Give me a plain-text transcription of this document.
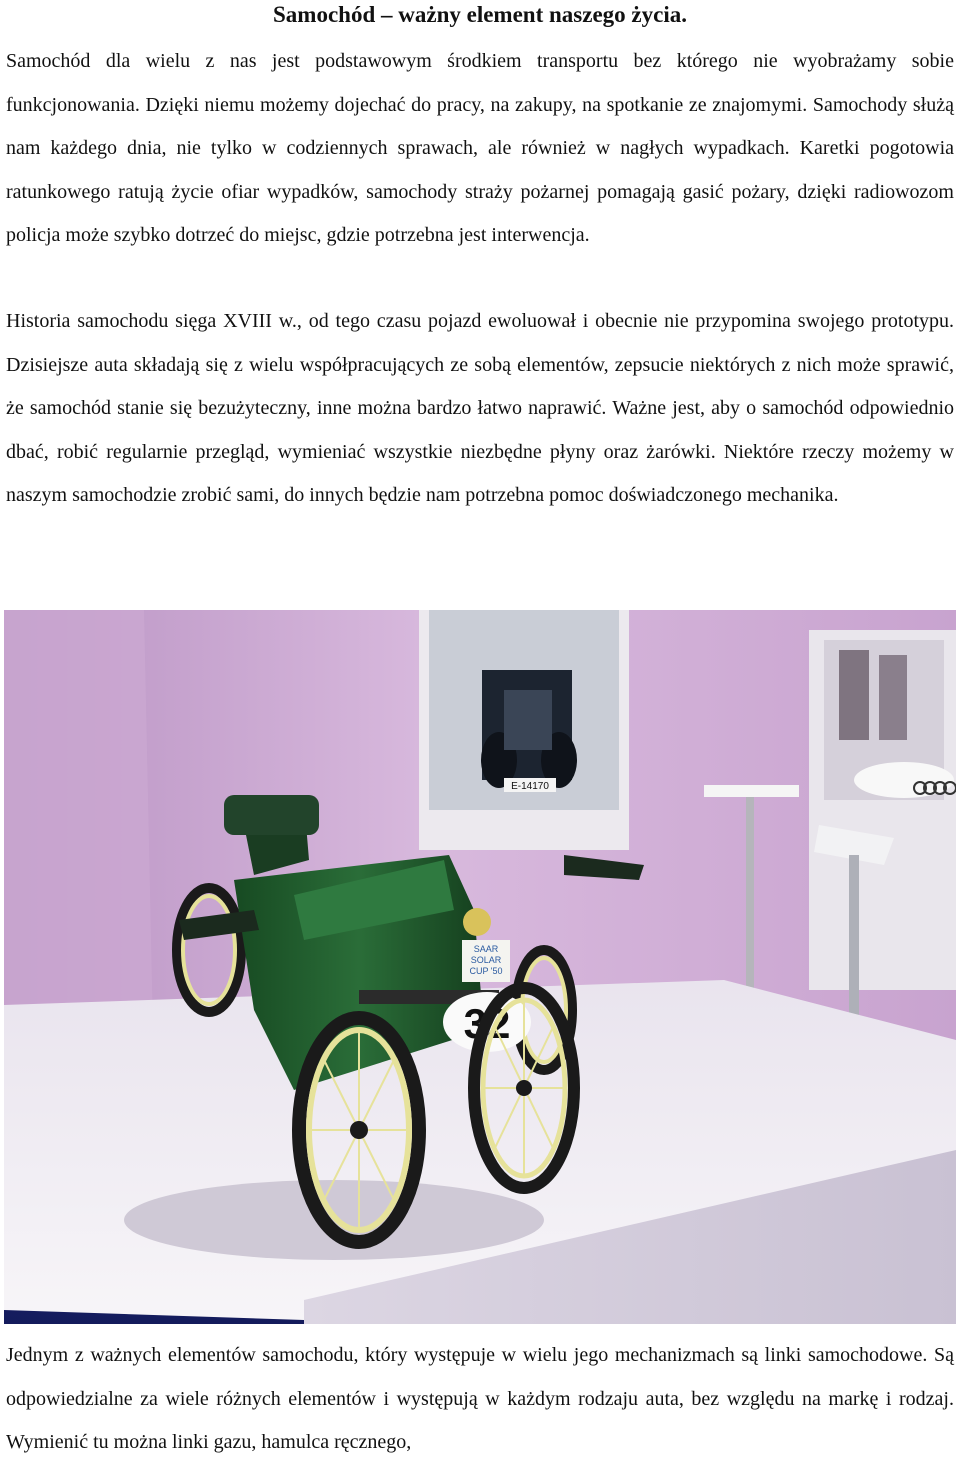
Samochód – ważny element naszego życia.

Samochód dla wielu z nas jest podstawowym środkiem transportu bez którego nie wyobrażamy sobie funkcjonowania. Dzięki niemu możemy dojechać do pracy, na zakupy, na spotkanie ze znajomymi. Samochody służą nam każdego dnia, nie tylko w codziennych sprawach, ale również w nagłych wypadkach. Karetki pogotowia ratunkowego ratują życie ofiar wypadków, samochody straży pożarnej pomagają gasić pożary, dzięki radiowozom policja może szybko dotrzeć do miejsc, gdzie potrzebna jest interwencja.

Historia samochodu sięga XVIII w., od tego czasu pojazd ewoluował i obecnie nie przypomina swojego prototypu. Dzisiejsze auta składają się z wielu współpracujących ze sobą elementów, zepsucie niektórych z nich może sprawić, że samochód stanie się bezużyteczny, inne można bardzo łatwo naprawić. Ważne jest, aby o samochód odpowiednio dbać, robić regularnie przegląd, wymieniać wszystkie niezbędne płyny oraz żarówki. Niektóre rzeczy możemy w naszym samochodzie zrobić sami, do innych będzie nam potrzebna pomoc doświadczonego mechanika.

E-14170
SAAR
SOLAR
CUP '50
32

Jednym z ważnych elementów samochodu, który występuje w wielu jego mechanizmach są linki samochodowe. Są odpowiedzialne za wiele różnych elementów i występują w każdym rodzaju auta, bez względu na markę i rodzaj. Wymienić tu można linki gazu, hamulca ręcznego,
